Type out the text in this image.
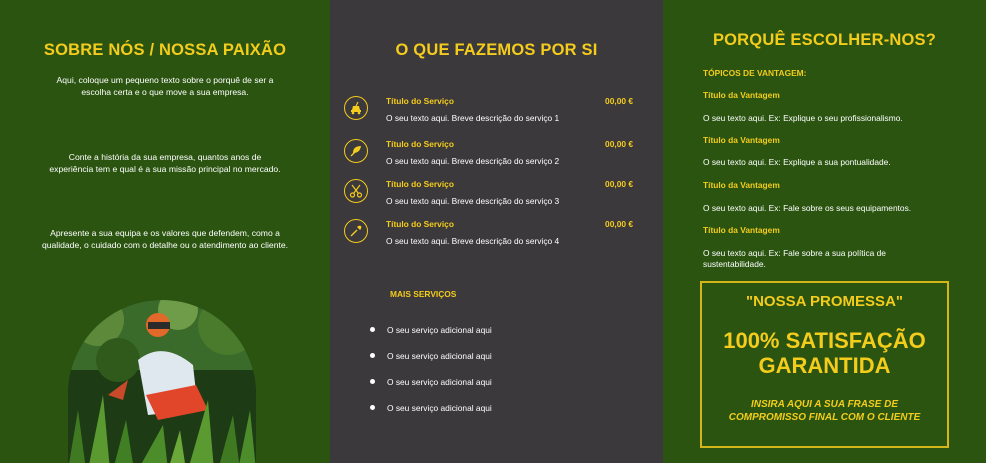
SOBRE NÓS / NOSSA PAIXÃO
Aqui, coloque um pequeno texto sobre o porquê de ser a
escolha certa e o que move a sua empresa.
Conte a história da sua empresa, quantos anos de
experiência tem e qual é a sua missão principal no mercado.
Apresente a sua equipa e os valores que defendem, como a
qualidade, o cuidado com o detalhe ou o atendimento ao cliente.
O QUE FAZEMOS POR SI
Título do Serviço	00,00 €
O seu texto aqui. Breve descrição do serviço 1
Título do Serviço	00,00 €
O seu texto aqui. Breve descrição do serviço 2
Título do Serviço	00,00 €
O seu texto aqui. Breve descrição do serviço 3
Título do Serviço	00,00 €
O seu texto aqui. Breve descrição do serviço 4
MAIS SERVIÇOS
O seu serviço adicional aqui
O seu serviço adicional aqui
O seu serviço adicional aqui
O seu serviço adicional aqui
PORQUÊ ESCOLHER-NOS?
TÓPICOS DE VANTAGEM:
Título da Vantagem
O seu texto aqui. Ex: Explique o seu profissionalismo.
Título da Vantagem
O seu texto aqui. Ex: Explique a sua pontualidade.
Título da Vantagem
O seu texto aqui. Ex: Fale sobre os seus equipamentos.
Título da Vantagem
O seu texto aqui. Ex: Fale sobre a sua política de sustentabilidade.
"NOSSA PROMESSA"
100% SATISFAÇÃO
GARANTIDA
INSIRA AQUI A SUA FRASE DE
COMPROMISSO FINAL COM O CLIENTE
